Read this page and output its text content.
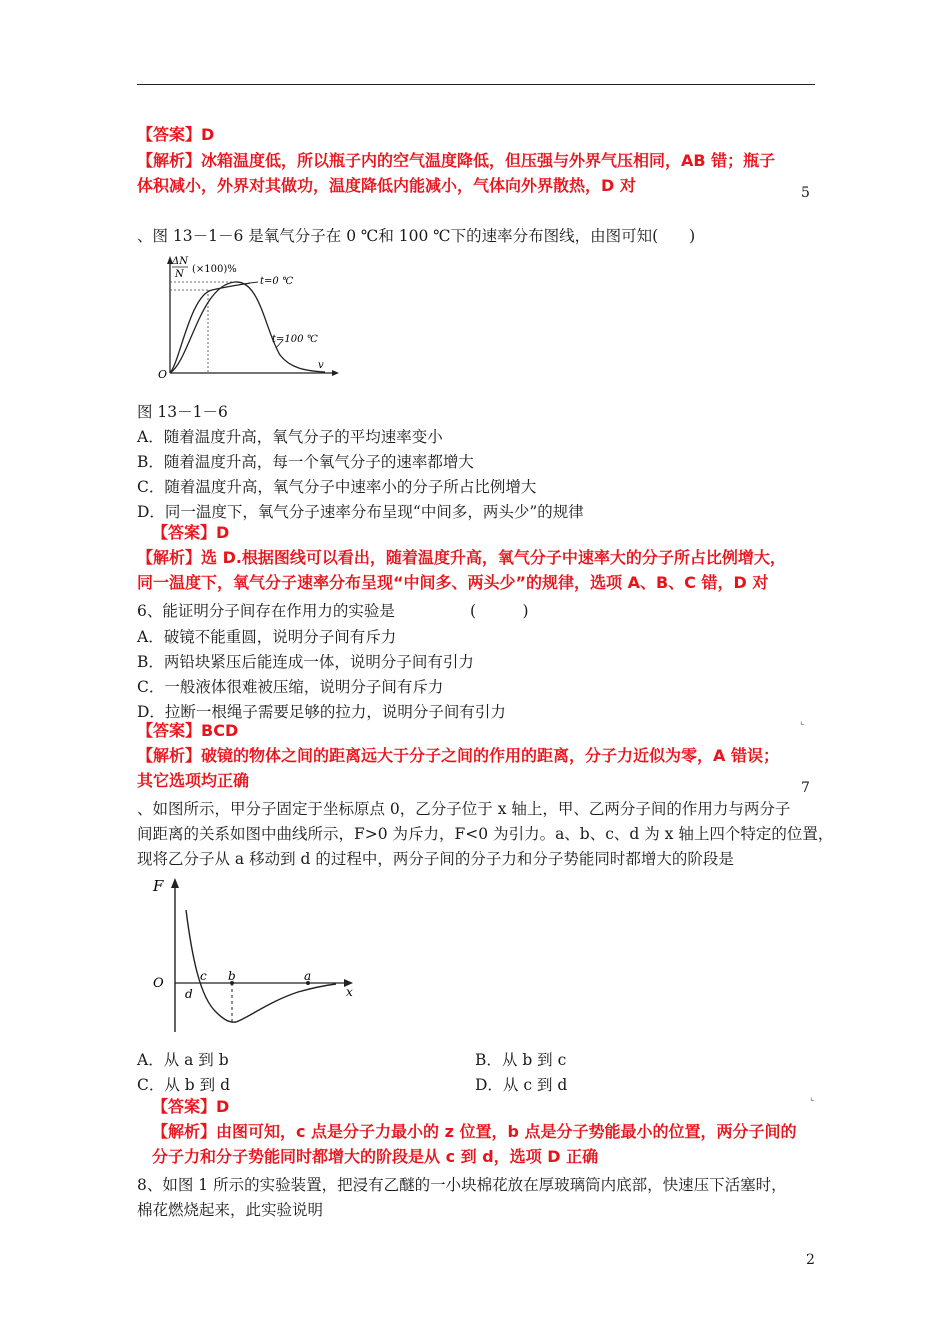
【答案】D
【解析】冰箱温度低，所以瓶子内的空气温度降低，但压强与外界气压相同，AB 错；瓶子
体积减小，外界对其做功，温度降低内能减小，气体向外界散热，D 对	5
、图 13－1－6 是氧气分子在 0 ℃和 100 ℃下的速率分布图线，由图可知(　　)
ΔN
N (×100)%
t=0 ℃
t=100 ℃
v
O
图 13－1－6
A．随着温度升高，氧气分子的平均速率变小
B．随着温度升高，每一个氧气分子的速率都增大
C．随着温度升高，氧气分子中速率小的分子所占比例增大
D．同一温度下，氧气分子速率分布呈现“中间多，两头少”的规律
【答案】D
【解析】选 D.根据图线可以看出，随着温度升高，氧气分子中速率大的分子所占比例增大，
同一温度下，氧气分子速率分布呈现“中间多、两头少”的规律，选项 A、B、C 错，D 对
6、能证明分子间存在作用力的实验是	(　　　)
A．破镜不能重圆，说明分子间有斥力
B．两铅块紧压后能连成一体，说明分子间有引力
C．一般液体很难被压缩，说明分子间有斥力
D．拉断一根绳子需要足够的拉力，说明分子间有引力
⌞
【答案】BCD
【解析】破镜的物体之间的距离远大于分子之间的作用的距离，分子力近似为零，A 错误；
其它选项均正确	7
、如图所示，甲分子固定于坐标原点 0，乙分子位于 x 轴上，甲、乙两分子间的作用力与两分子
间距离的关系如图中曲线所示，F>0 为斥力，F<0 为引力。a、b、c、d 为 x 轴上四个特定的位置，
现将乙分子从 a 移动到 d 的过程中，两分子间的分子力和分子势能同时都增大的阶段是
F
x
O	c b	a
d
A．从 a 到 b	B．从 b 到 c
C．从 b 到 d	D．从 c 到 d
⌞
【答案】D
【解析】由图可知，c 点是分子力最小的 z 位置，b 点是分子势能最小的位置，两分子间的
分子力和分子势能同时都增大的阶段是从 c 到 d，选项 D 正确
8、如图 1 所示的实验装置，把浸有乙醚的一小块棉花放在厚玻璃筒内底部，快速压下活塞时，
棉花燃烧起来，此实验说明
2
